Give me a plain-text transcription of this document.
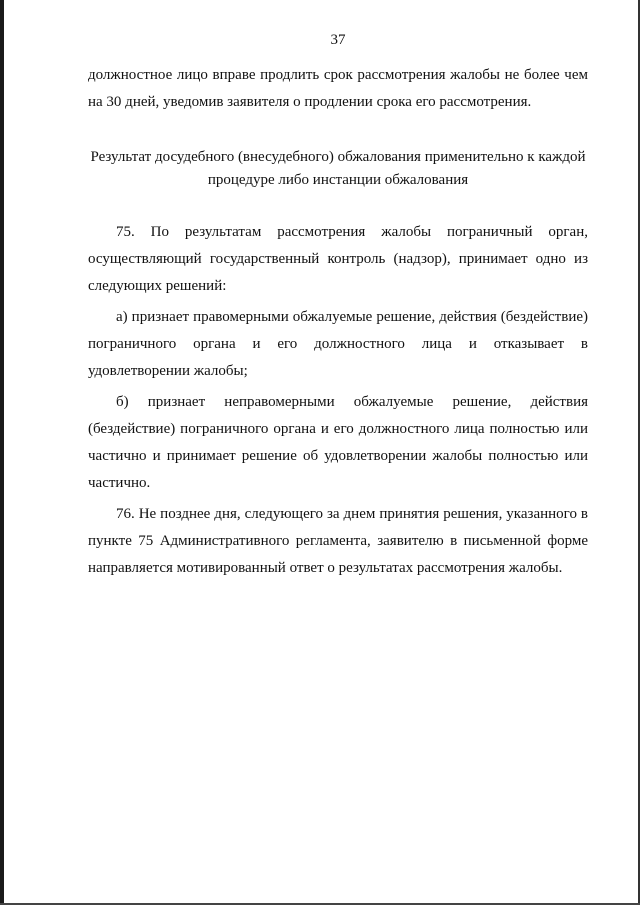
37

должностное лицо вправе продлить срок рассмотрения жалобы не более чем на 30 дней, уведомив заявителя о продлении срока его рассмотрения.

Результат досудебного (внесудебного) обжалования применительно к каждой процедуре либо инстанции обжалования

75. По результатам рассмотрения жалобы пограничный орган, осуществляющий государственный контроль (надзор), принимает одно из следующих решений:

а) признает правомерными обжалуемые решение, действия (бездействие) пограничного органа и его должностного лица и отказывает в удовлетворении жалобы;

б) признает неправомерными обжалуемые решение, действия (бездействие) пограничного органа и его должностного лица полностью или частично и принимает решение об удовлетворении жалобы полностью или частично.

76. Не позднее дня, следующего за днем принятия решения, указанного в пункте 75 Административного регламента, заявителю в письменной форме направляется мотивированный ответ о результатах рассмотрения жалобы.
